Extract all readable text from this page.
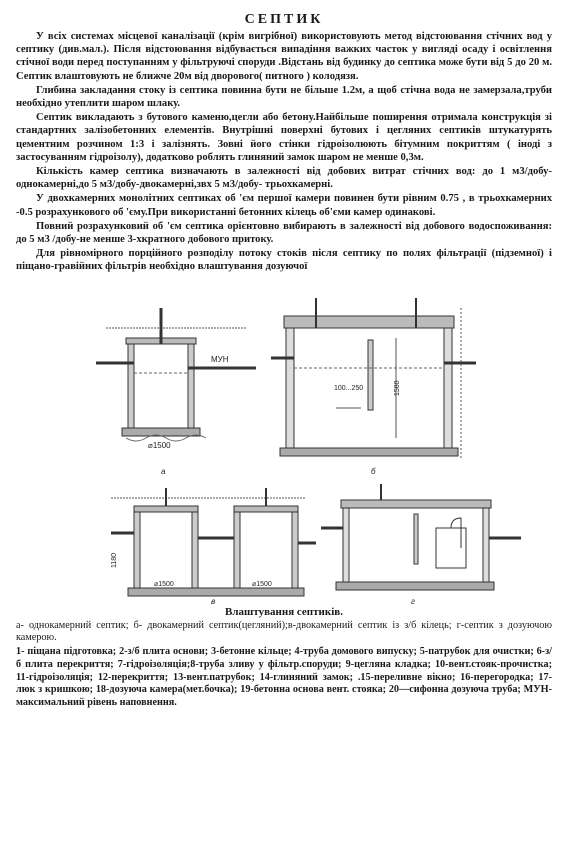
СЕПТИК

У всіх системах місцевої каналізації (крім вигрібної) використовують метод відстоювання стічних вод у септику (див.мал.). Після відстоювання відбувається випадіння важких часток у вигляді осаду і освітлення стічної води перед поступанням у фільтруючі споруди .Відстань від будинку до септика може бути від 5 до 20 м. Септик влаштовують не ближче 20м від дворового( питного ) колодязя.

Глибина закладання стоку із септика повинна бути не більше 1.2м, а щоб стічна вода не замерзала,труби необхідно утеплити шаром шлаку.

Септик викладають з бутового каменю,цегли або бетону.Найбільше поширення отримала конструкція зі стандартних залізобетонних елементів. Внутрішні поверхні бутових і цегляних септиків штукатурять цементним розчином 1:3 і залізнять. Зовні його стінки гідроізолюють бітумним покриттям ( іноді з застосуванням гідроізолу), додатково роблять глиняний замок шаром не менше 0,3м.

Кількість камер септика визначають в залежності від добових витрат стічних вод: до 1 м3/добу-однокамерні,до 5 м3/добу-двокамерні,звх 5 м3/добу- трьохкамерні.

У двохкамерних монолітних септиках об 'єм першої камери повинен бути рівним 0.75 , в трьохкамерних -0.5 розрахункового об 'єму.При використанні бетонних кілець об'єми камер одинакові.

Повний розрахунковий об 'єм септика орієнтовно вибирають в залежності від добового водоспоживання: до 5 м3 /добу-не менше 3-хкратного добового притоку.

Для рівномірного порційного розподілу потоку стоків після септику по полях фільтрації (підземної) і піщано-гравійних фільтрів необхідно влаштування дозуючої

МУН
⌀1500
а
100...250	1580
б
1180
⌀1500	⌀1500
в	г

Влаштування септиків.

а- однокамерний септик; б- двокамерний септик(цегляний);в-двокамерний септик із з/б кілець; г-септик з дозуючою камерою.

1- піщана підготовка; 2-з/б плита основи; 3-бетонне кільце; 4-труба домового випуску; 5-патрубок для очистки; 6-з/б плита перекриття; 7-гідроізоляція;8-труба зливу у фільтр.споруди; 9-цегляна кладка; 10-вент.стояк-прочистка; 11-гідроізоляція; 12-перекриття; 13-вент.патрубок; 14-глиняний замок; .15-переливне вікно; 16-перегородка; 17- люк з кришкою; 18-дозуюча камера(мет.бочка); 19-бетонна основа вент. стояка; 20—сифонна дозуюча труба; МУН-максимальний рівень наповнення.
